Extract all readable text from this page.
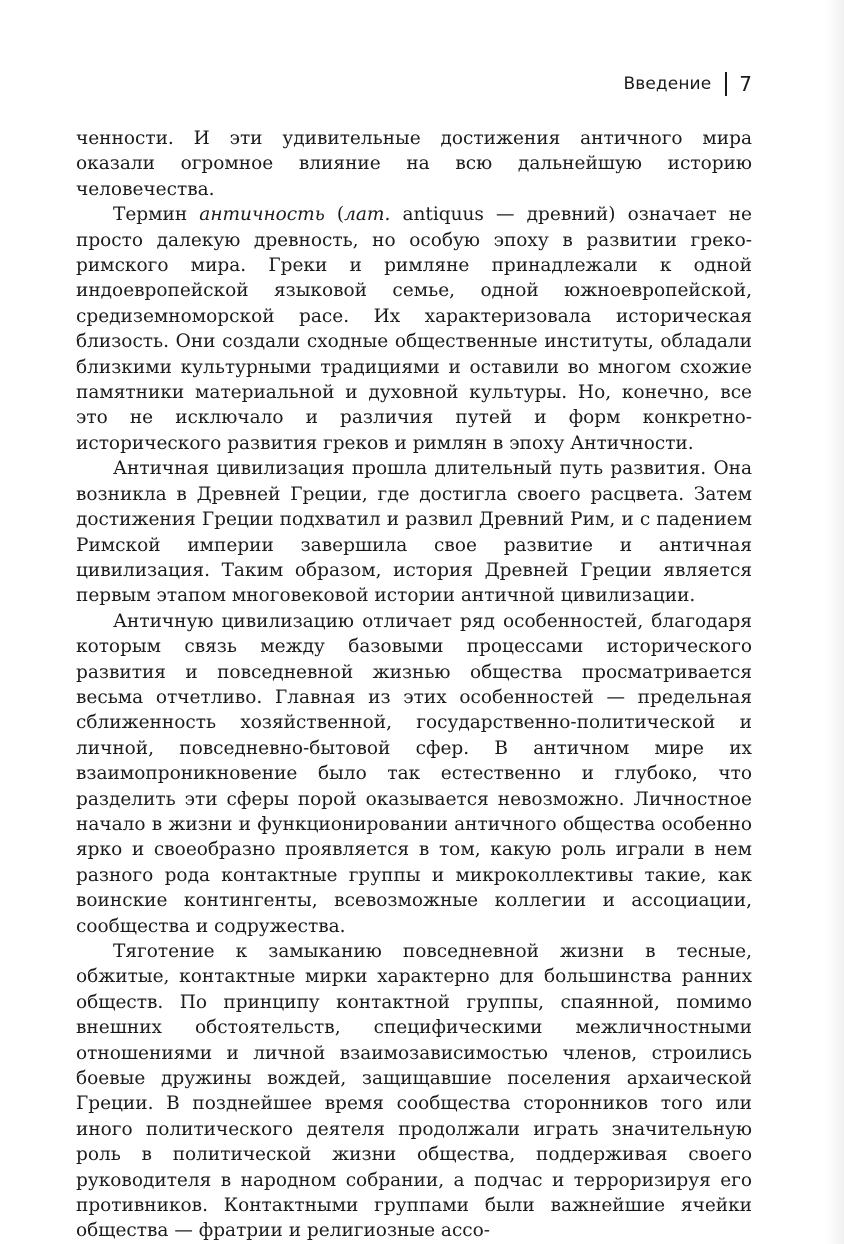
Введение 7

ченности. И эти удивительные достижения античного мира оказали огромное влияние на всю дальнейшую историю человечества.

Термин античность (лат. antiquus — древний) означает не просто далекую древность, но особую эпоху в развитии греко-римского мира. Греки и римляне принадлежали к одной индоевропейской языковой семье, одной южноевропейской, средиземноморской расе. Их характеризовала историческая близость. Они создали сходные общественные институты, обладали близкими культурными традициями и оставили во многом схожие памятники материальной и духовной культуры. Но, конечно, все это не исключало и различия путей и форм конкретно-исторического развития греков и римлян в эпоху Античности.

Античная цивилизация прошла длительный путь развития. Она возникла в Древней Греции, где достигла своего расцвета. Затем достижения Греции подхватил и развил Древний Рим, и с падением Римской империи завершила свое развитие и античная цивилизация. Таким образом, история Древней Греции является первым этапом многовековой истории античной цивилизации.

Античную цивилизацию отличает ряд особенностей, благодаря которым связь между базовыми процессами исторического развития и повседневной жизнью общества просматривается весьма отчетливо. Главная из этих особенностей — предельная сближенность хозяйственной, государственно-политической и личной, повседневно-бытовой сфер. В античном мире их взаимопроникновение было так естественно и глубоко, что разделить эти сферы порой оказывается невозможно. Личностное начало в жизни и функционировании античного общества особенно ярко и своеобразно проявляется в том, какую роль играли в нем разного рода контактные группы и микроколлективы такие, как воинские контингенты, всевозможные коллегии и ассоциации, сообщества и содружества.

Тяготение к замыканию повседневной жизни в тесные, обжитые, контактные мирки характерно для большинства ранних обществ. По принципу контактной группы, спаянной, помимо внешних обстоятельств, специфическими межличностными отношениями и личной взаимозависимостью членов, строились боевые дружины вождей, защищавшие поселения архаической Греции. В позднейшее время сообщества сторонников того или иного политического деятеля продолжали играть значительную роль в политической жизни общества, поддерживая своего руководителя в народном собрании, а подчас и терроризируя его противников. Контактными группами были важнейшие ячейки общества — фратрии и религиозные ассо-
